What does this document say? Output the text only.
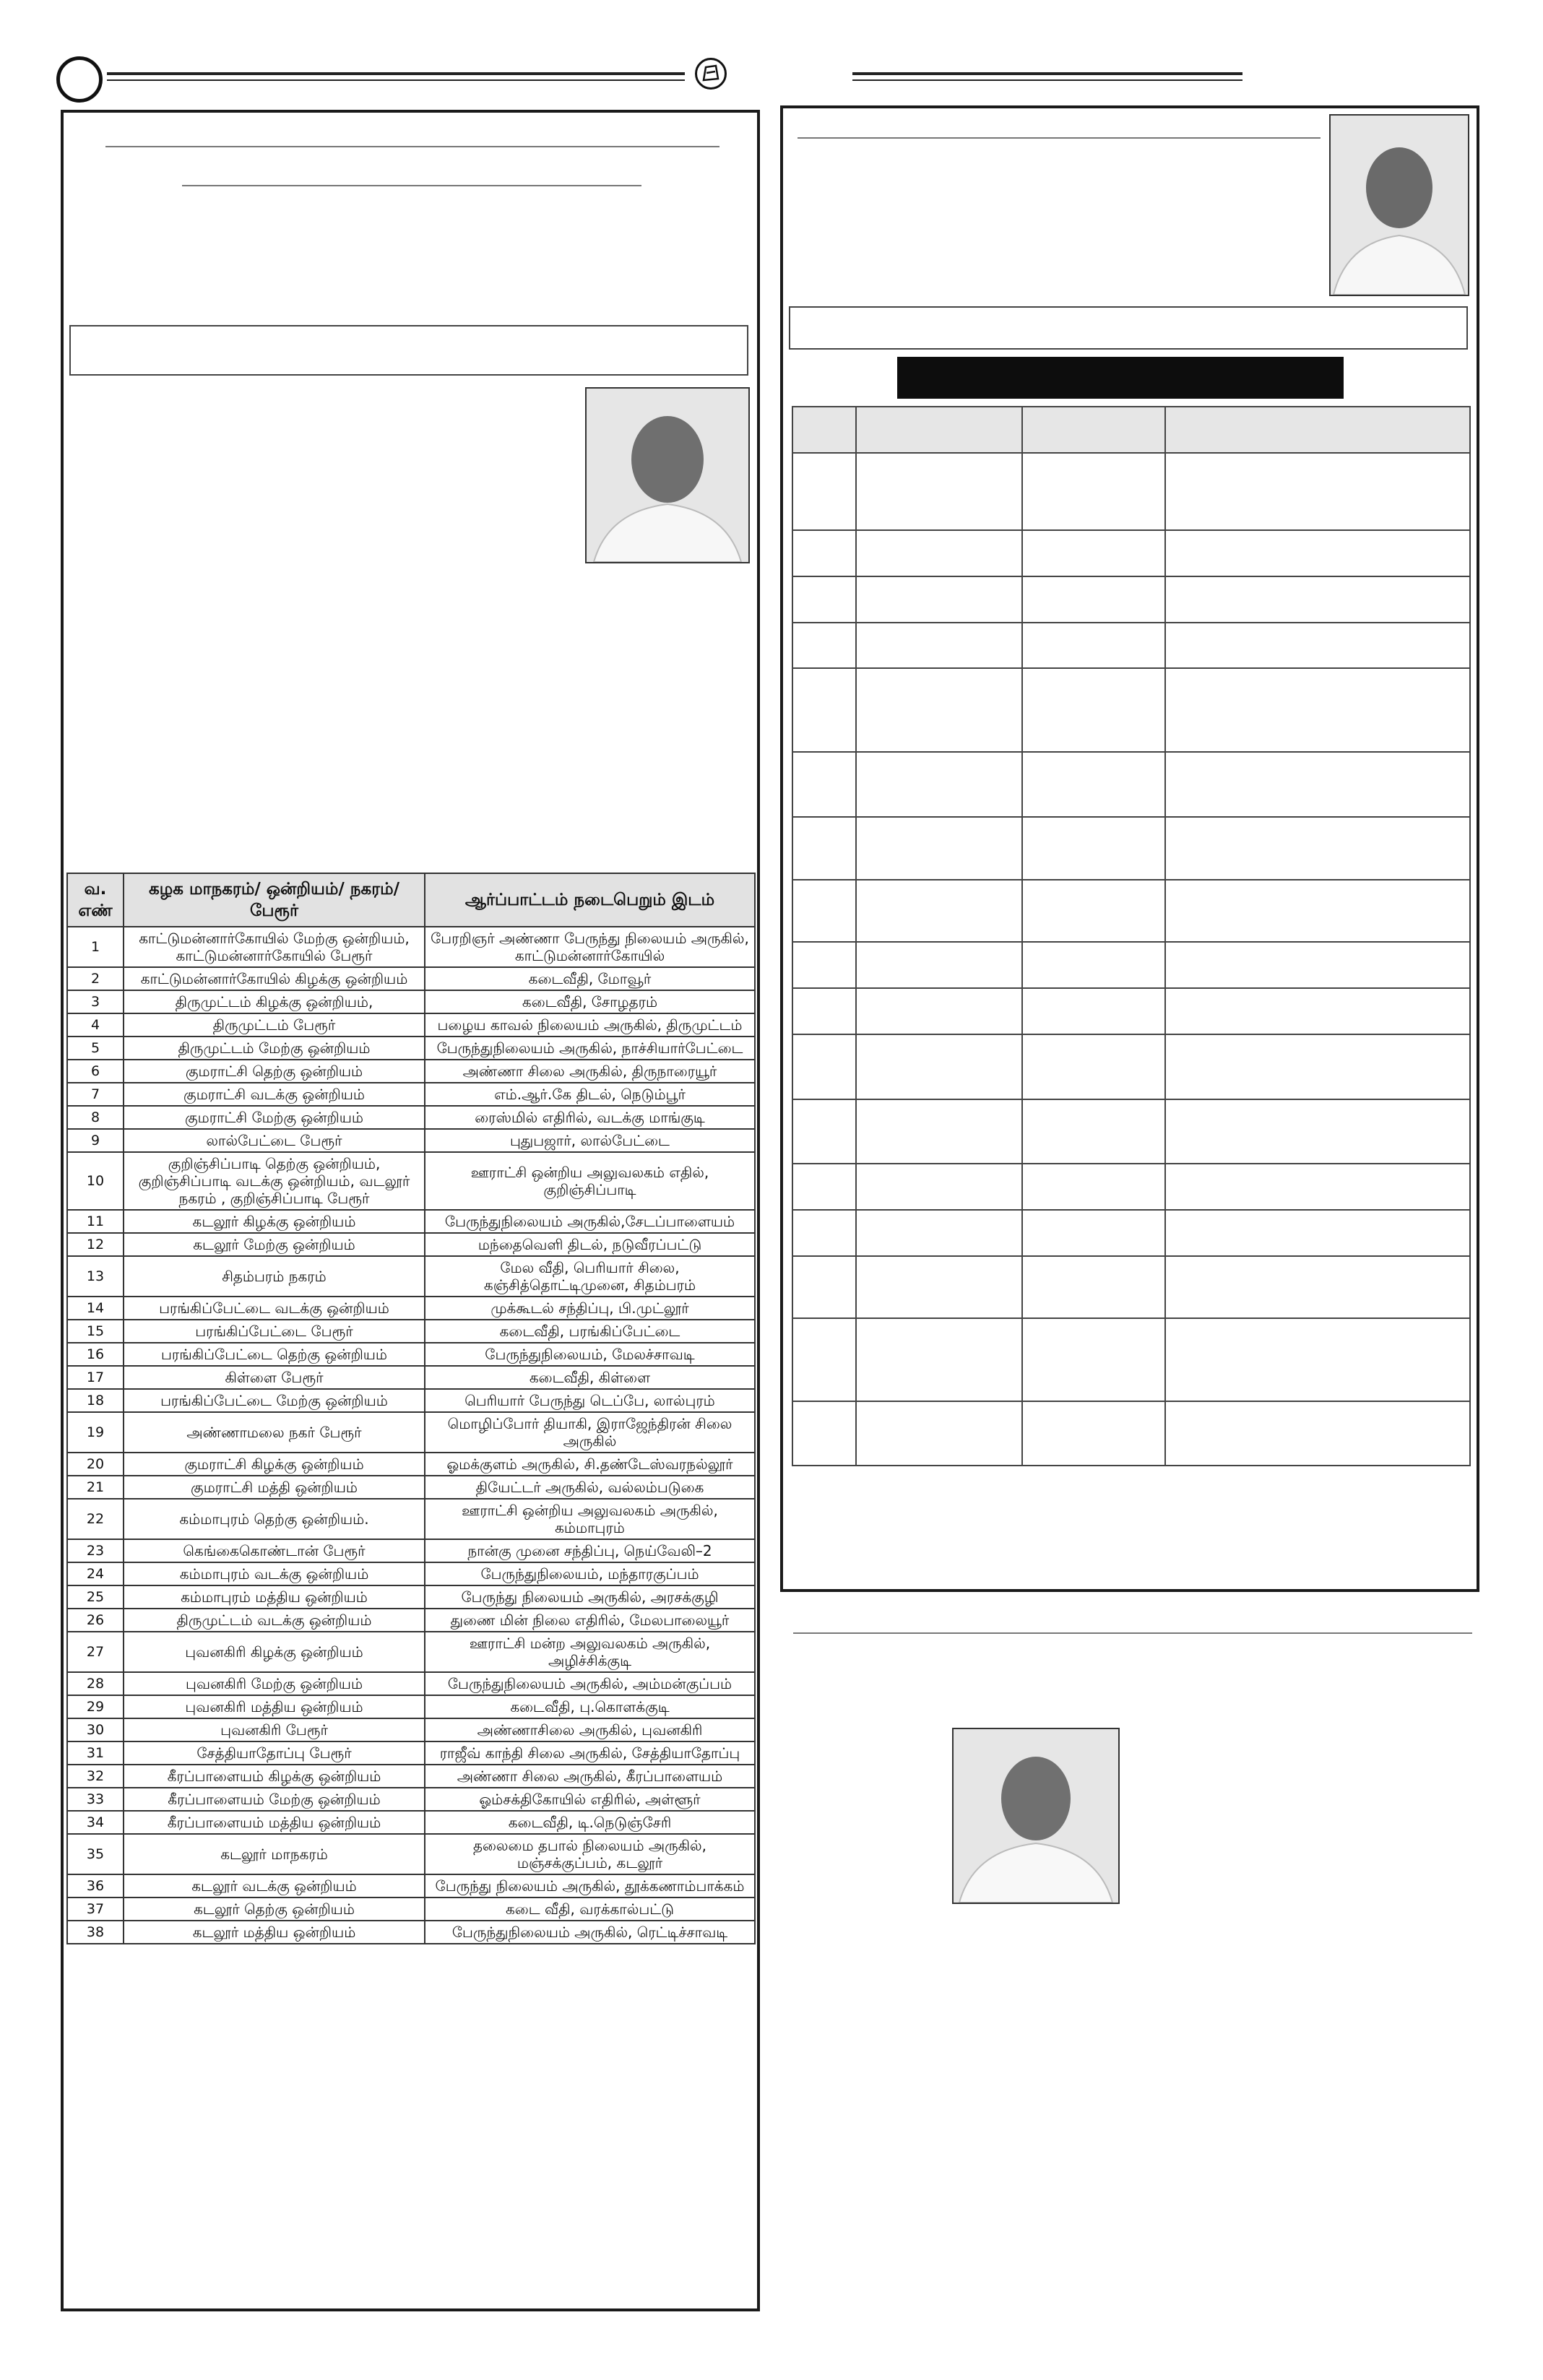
வ. எண்	கழக மாநகரம்/ ஒன்றியம்/ நகரம்/ பேரூர்	ஆர்ப்பாட்டம் நடைபெறும் இடம்
1	காட்டுமன்னார்கோயில் மேற்கு ஒன்றியம், காட்டுமன்னார்கோயில் பேரூர்	பேரறிஞர் அண்ணா பேருந்து நிலையம் அருகில், காட்டுமன்னார்கோயில்
2	காட்டுமன்னார்கோயில் கிழக்கு ஒன்றியம்	கடைவீதி, மோவூர்
3	திருமுட்டம் கிழக்கு ஒன்றியம்,	கடைவீதி, சோழதரம்
4	திருமுட்டம் பேரூர்	பழைய காவல் நிலையம் அருகில், திருமுட்டம்
5	திருமுட்டம் மேற்கு ஒன்றியம்	பேருந்துநிலையம் அருகில், நாச்சியார்பேட்டை
6	குமராட்சி தெற்கு ஒன்றியம்	அண்ணா சிலை அருகில், திருநாரையூர்
7	குமராட்சி வடக்கு ஒன்றியம்	எம்.ஆர்.கே திடல், நெடும்பூர்
8	குமராட்சி மேற்கு ஒன்றியம்	ரைஸ்மில் எதிரில், வடக்கு மாங்குடி
9	லால்பேட்டை பேரூர்	புதுபஜார், லால்பேட்டை
10	குறிஞ்சிப்பாடி தெற்கு ஒன்றியம், குறிஞ்சிப்பாடி வடக்கு ஒன்றியம், வடலூர் நகரம் , குறிஞ்சிப்பாடி பேரூர்	ஊராட்சி ஒன்றிய அலுவலகம் எதில், குறிஞ்சிப்பாடி
11	கடலூர் கிழக்கு ஒன்றியம்	பேருந்துநிலையம் அருகில்,சேடப்பாளையம்
12	கடலூர் மேற்கு ஒன்றியம்	மந்தைவெளி திடல், நடுவீரப்பட்டு
13	சிதம்பரம் நகரம்	மேல வீதி, பெரியார் சிலை, கஞ்சித்தொட்டிமுனை, சிதம்பரம்
14	பரங்கிப்பேட்டை வடக்கு ஒன்றியம்	முக்கூடல் சந்திப்பு, பி.முட்லூர்
15	பரங்கிப்பேட்டை பேரூர்	கடைவீதி, பரங்கிப்பேட்டை
16	பரங்கிப்பேட்டை தெற்கு ஒன்றியம்	பேருந்துநிலையம், மேலச்சாவடி
17	கிள்ளை பேரூர்	கடைவீதி, கிள்ளை
18	பரங்கிப்பேட்டை மேற்கு ஒன்றியம்	பெரியார் பேருந்து டெப்பே, லால்புரம்
19	அண்ணாமலை நகர் பேரூர்	மொழிப்போர் தியாகி, இராஜேந்திரன் சிலை அருகில்
20	குமராட்சி கிழக்கு ஒன்றியம்	ஓமக்குளம் அருகில், சி.தண்டேஸ்வரநல்லூர்
21	குமராட்சி மத்தி ஒன்றியம்	தியேட்டர் அருகில், வல்லம்படுகை
22	கம்மாபுரம் தெற்கு ஒன்றியம்.	ஊராட்சி ஒன்றிய அலுவலகம் அருகில், கம்மாபுரம்
23	கெங்கைகொண்டான் பேரூர்	நான்கு முனை சந்திப்பு, நெய்வேலி–2
24	கம்மாபுரம் வடக்கு ஒன்றியம்	பேருந்துநிலையம், மந்தாரகுப்பம்
25	கம்மாபுரம் மத்திய ஒன்றியம்	பேருந்து நிலையம் அருகில், அரசக்குழி
26	திருமுட்டம் வடக்கு ஒன்றியம்	துணை மின் நிலை எதிரில், மேலபாலையூர்
27	புவனகிரி கிழக்கு ஒன்றியம்	ஊராட்சி மன்ற அலுவலகம் அருகில், அழிச்சிக்குடி
28	புவனகிரி மேற்கு ஒன்றியம்	பேருந்துநிலையம் அருகில், அம்மன்குப்பம்
29	புவனகிரி மத்திய ஒன்றியம்	கடைவீதி, பு.கொளக்குடி
30	புவனகிரி பேரூர்	அண்ணாசிலை அருகில், புவனகிரி
31	சேத்தியாதோப்பு பேரூர்	ராஜீவ் காந்தி சிலை அருகில், சேத்தியாதோப்பு
32	கீரப்பாளையம் கிழக்கு ஒன்றியம்	அண்ணா சிலை அருகில், கீரப்பாளையம்
33	கீரப்பாளையம் மேற்கு ஒன்றியம்	ஓம்சக்திகோயில் எதிரில், அள்ளூர்
34	கீரப்பாளையம் மத்திய ஒன்றியம்	கடைவீதி, டி.நெடுஞ்சேரி
35	கடலூர் மாநகரம்	தலைமை தபால் நிலையம் அருகில், மஞ்சக்குப்பம், கடலூர்
36	கடலூர் வடக்கு ஒன்றியம்	பேருந்து நிலையம் அருகில், தூக்கணாம்பாக்கம்
37	கடலூர் தெற்கு ஒன்றியம்	கடை வீதி, வரக்கால்பட்டு
38	கடலூர் மத்திய ஒன்றியம்	பேருந்துநிலையம் அருகில், ரெட்டிச்சாவடி
